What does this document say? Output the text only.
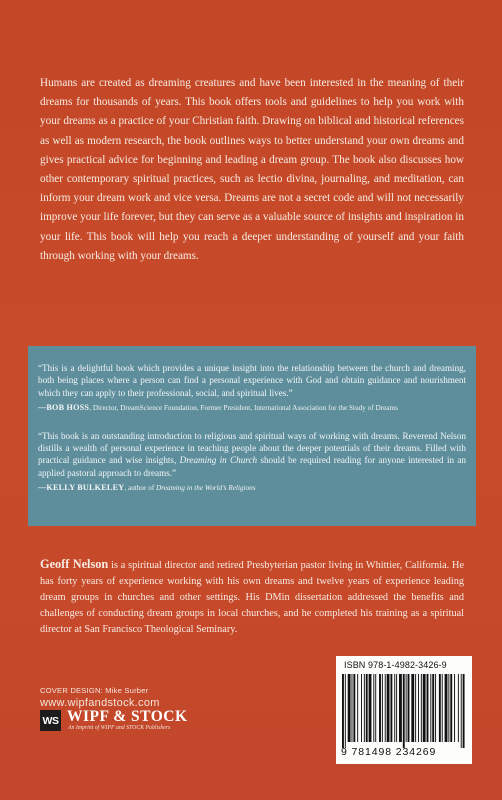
Humans are created as dreaming creatures and have been interested in the meaning of their dreams for thousands of years. This book offers tools and guidelines to help you work with your dreams as a practice of your Christian faith. Drawing on biblical and historical references as well as modern research, the book outlines ways to better understand your own dreams and gives practical advice for beginning and leading a dream group. The book also discusses how other contemporary spiritual practices, such as lectio divina, journaling, and meditation, can inform your dream work and vice versa. Dreams are not a secret code and will not necessarily improve your life forever, but they can serve as a valuable source of insights and inspiration in your life. This book will help you reach a deeper understanding of yourself and your faith through working with your dreams.

“This is a delightful book which provides a unique insight into the relationship between the church and dreaming, both being places where a person can find a personal experience with God and obtain guidance and nourishment which they can apply to their professional, social, and spiritual lives.”

—BOB HOSS, Director, DreamScience Foundation, Former President, International Association for the Study of Dreams

“This book is an outstanding introduction to religious and spiritual ways of working with dreams. Reverend Nelson distills a wealth of personal experience in teaching people about the deeper potentials of their dreams. Filled with practical guidance and wise insights, Dreaming in Church should be required reading for anyone interested in an applied pastoral approach to dreams.”

—KELLY BULKELEY, author of Dreaming in the World’s Religions

Geoff Nelson is a spiritual director and retired Presbyterian pastor living in Whittier, California. He has forty years of experience working with his own dreams and twelve years of experience leading dream groups in churches and other settings. His DMin dissertation addressed the benefits and challenges of conducting dream groups in local churches, and he completed his training as a spiritual director at San Francisco Theological Seminary.

COVER DESIGN: Mike Surber
www.wipfandstock.com
WS WIPF & STOCK
An Imprint of WIPF and STOCK Publishers
ISBN 978-1-4982-3426-9
9 781498 234269
